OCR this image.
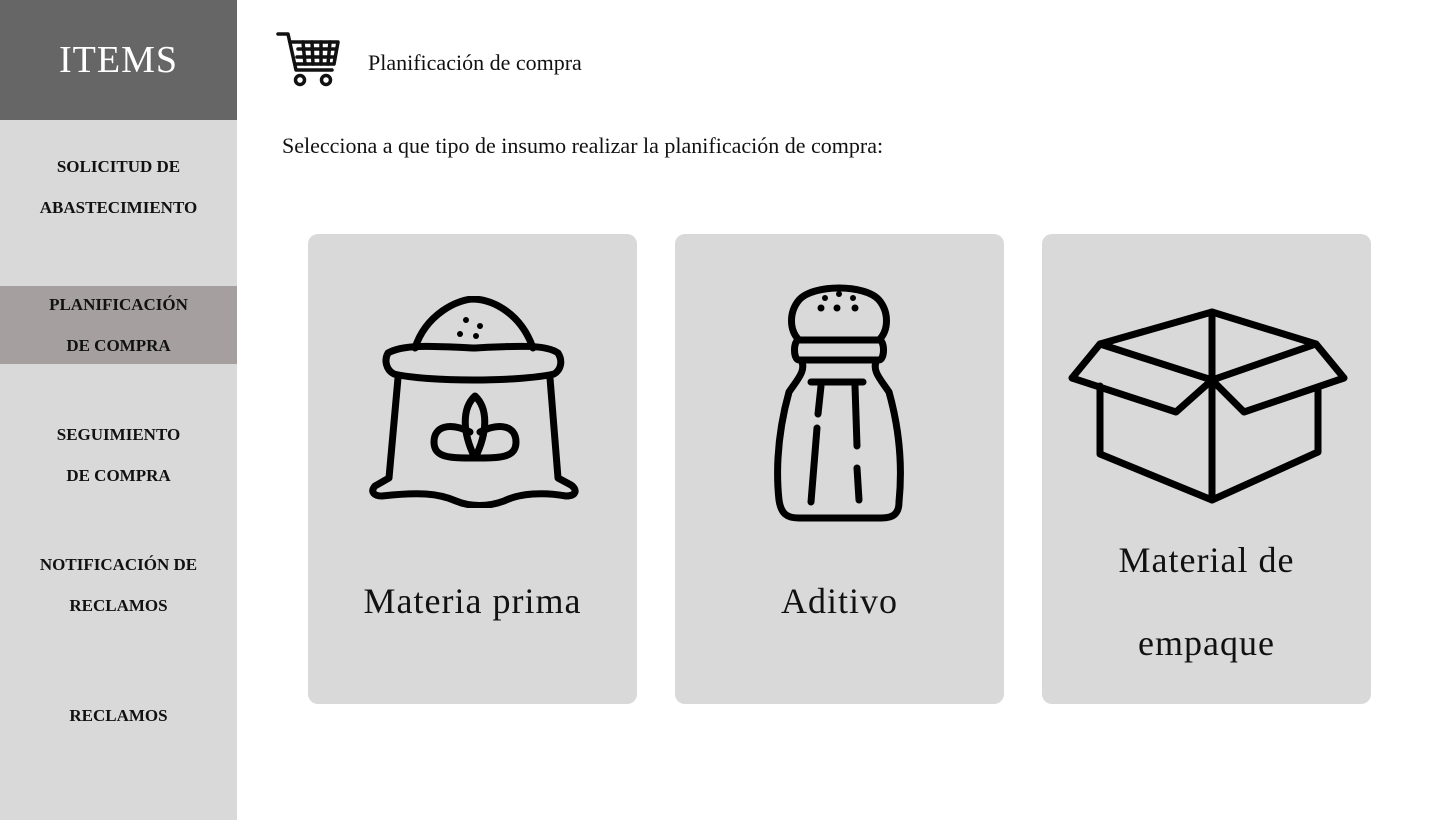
ITEMS
SOLICITUD DE
ABASTECIMIENTO
PLANIFICACIÓN
DE COMPRA
SEGUIMIENTO
DE COMPRA
NOTIFICACIÓN DE
RECLAMOS
RECLAMOS
Planificación de compra
Selecciona a que tipo de insumo realizar la planificación de compra:
Materia prima	Aditivo
Material de empaque
